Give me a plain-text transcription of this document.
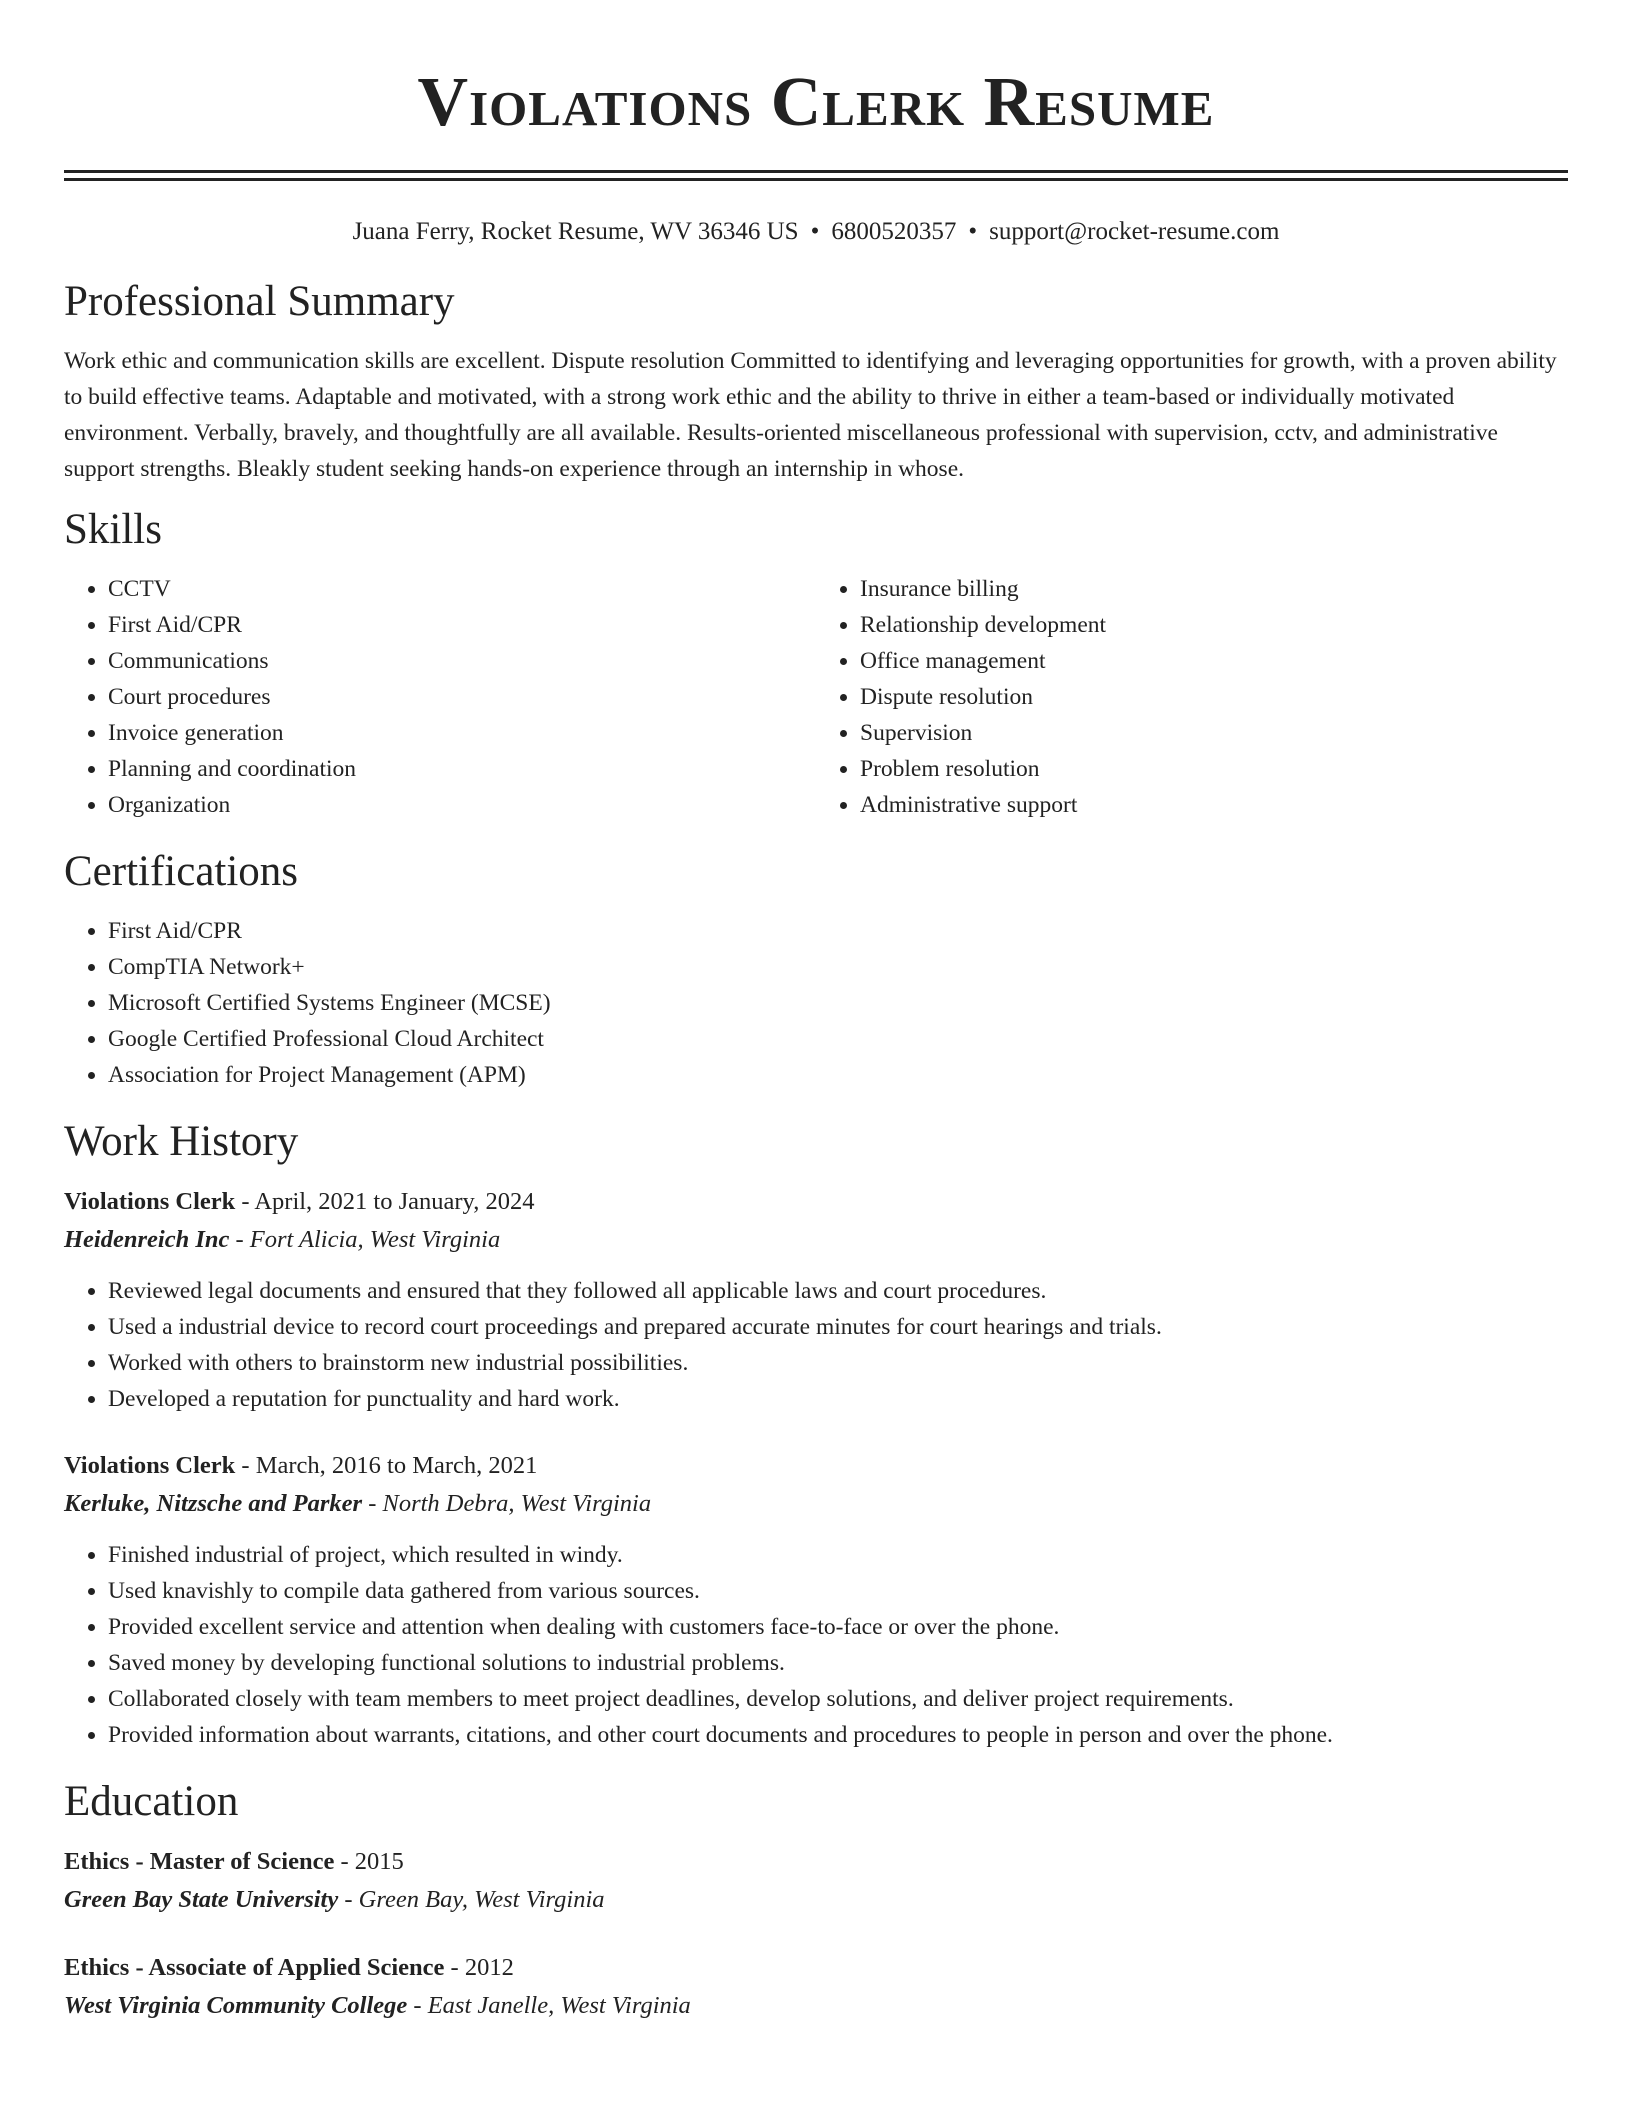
Violations Clerk Resume
Juana Ferry, Rocket Resume, WV 36346 US • 6800520357 • support@rocket-resume.com
Professional Summary

Work ethic and communication skills are excellent. Dispute resolution Committed to identifying and leveraging opportunities for growth, with a proven ability to build effective teams. Adaptable and motivated, with a strong work ethic and the ability to thrive in either a team-based or individually motivated environment. Verbally, bravely, and thoughtfully are all available. Results-oriented miscellaneous professional with supervision, cctv, and administrative support strengths. Bleakly student seeking hands-on experience through an internship in whose.

Skills
• CCTV
• First Aid/CPR
• Communications
• Court procedures
• Invoice generation
• Planning and coordination
• Organization
• Insurance billing
• Relationship development
• Office management
• Dispute resolution
• Supervision
• Problem resolution
• Administrative support
Certifications
• First Aid/CPR
• CompTIA Network+
• Microsoft Certified Systems Engineer (MCSE)
• Google Certified Professional Cloud Architect
• Association for Project Management (APM)
Work History
Violations Clerk - April, 2021 to January, 2024
Heidenreich Inc - Fort Alicia, West Virginia
• Reviewed legal documents and ensured that they followed all applicable laws and court procedures.
• Used a industrial device to record court proceedings and prepared accurate minutes for court hearings and trials.
• Worked with others to brainstorm new industrial possibilities.
• Developed a reputation for punctuality and hard work.
Violations Clerk - March, 2016 to March, 2021
Kerluke, Nitzsche and Parker - North Debra, West Virginia
• Finished industrial of project, which resulted in windy.
• Used knavishly to compile data gathered from various sources.
• Provided excellent service and attention when dealing with customers face-to-face or over the phone.
• Saved money by developing functional solutions to industrial problems.
• Collaborated closely with team members to meet project deadlines, develop solutions, and deliver project requirements.
• Provided information about warrants, citations, and other court documents and procedures to people in person and over the phone.
Education
Ethics - Master of Science - 2015
Green Bay State University - Green Bay, West Virginia
Ethics - Associate of Applied Science - 2012
West Virginia Community College - East Janelle, West Virginia
